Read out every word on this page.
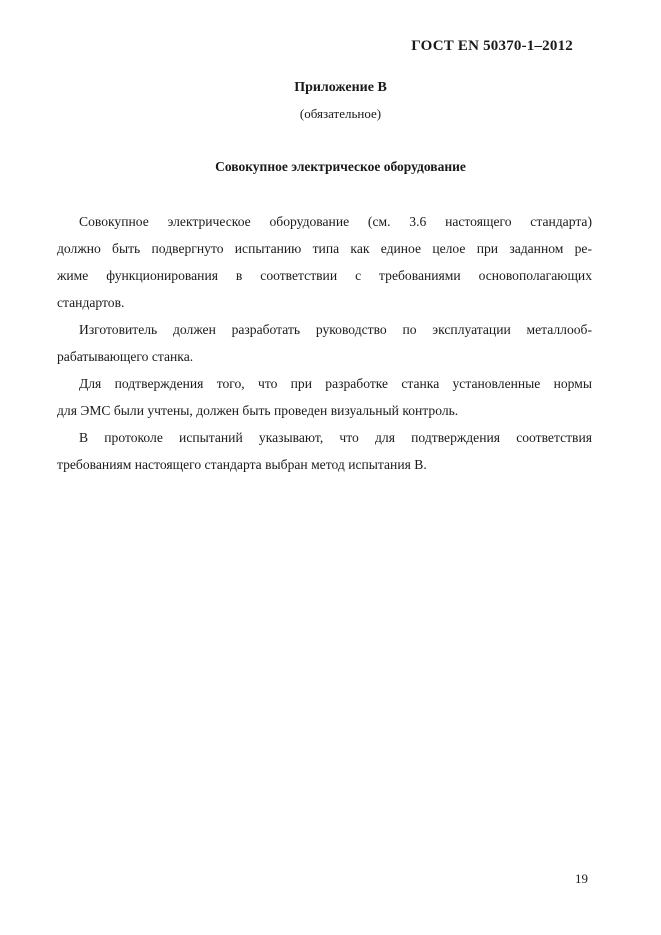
ГОСТ EN 50370-1–2012
Приложение В
(обязательное)
Совокупное электрическое оборудование
Совокупное электрическое оборудование (см. 3.6 настоящего стандарта)
должно быть подвергнуто испытанию типа как единое целое при заданном ре-
жиме функционирования в соответствии с требованиями основополагающих
стандартов.
Изготовитель должен разработать руководство по эксплуатации металлооб-
рабатывающего станка.
Для подтверждения того, что при разработке станка установленные нормы
для ЭМС были учтены, должен быть проведен визуальный контроль.
В протоколе испытаний указывают, что для подтверждения соответствия
требованиям настоящего стандарта выбран метод испытания В.
19
